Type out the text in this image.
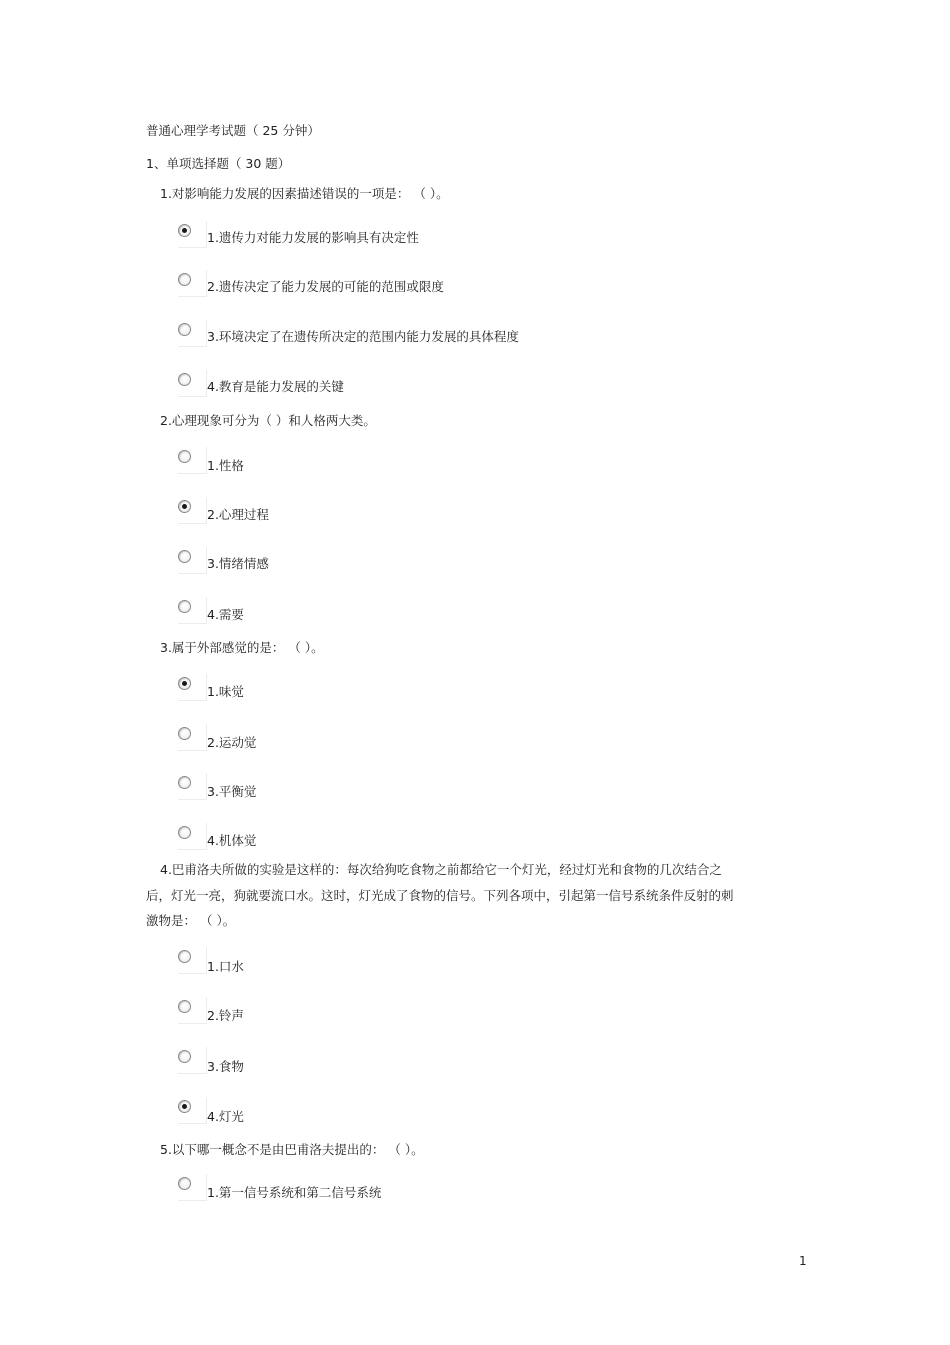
普通心理学考试题（ 25 分钟）
1、单项选择题（ 30 题）
1.对影响能力发展的因素描述错误的一项是： （ ）。
1.遗传力对能力发展的影响具有决定性
2.遗传决定了能力发展的可能的范围或限度
3.环境决定了在遗传所决定的范围内能力发展的具体程度
4.教育是能力发展的关键
2.心理现象可分为（ ）和人格两大类。
1.性格
2.心理过程
3.情绪情感
4.需要
3.属于外部感觉的是： （ ）。
1.味觉
2.运动觉
3.平衡觉
4.机体觉
4.巴甫洛夫所做的实验是这样的：每次给狗吃食物之前都给它一个灯光，经过灯光和食物的几次结合之后，灯光一亮，狗就要流口水。这时，灯光成了食物的信号。下列各项中，引起第一信号系统条件反射的刺激物是： （ ）。
1.口水
2.铃声
3.食物
4.灯光
5.以下哪一概念不是由巴甫洛夫提出的： （ ）。
1.第一信号系统和第二信号系统
1
